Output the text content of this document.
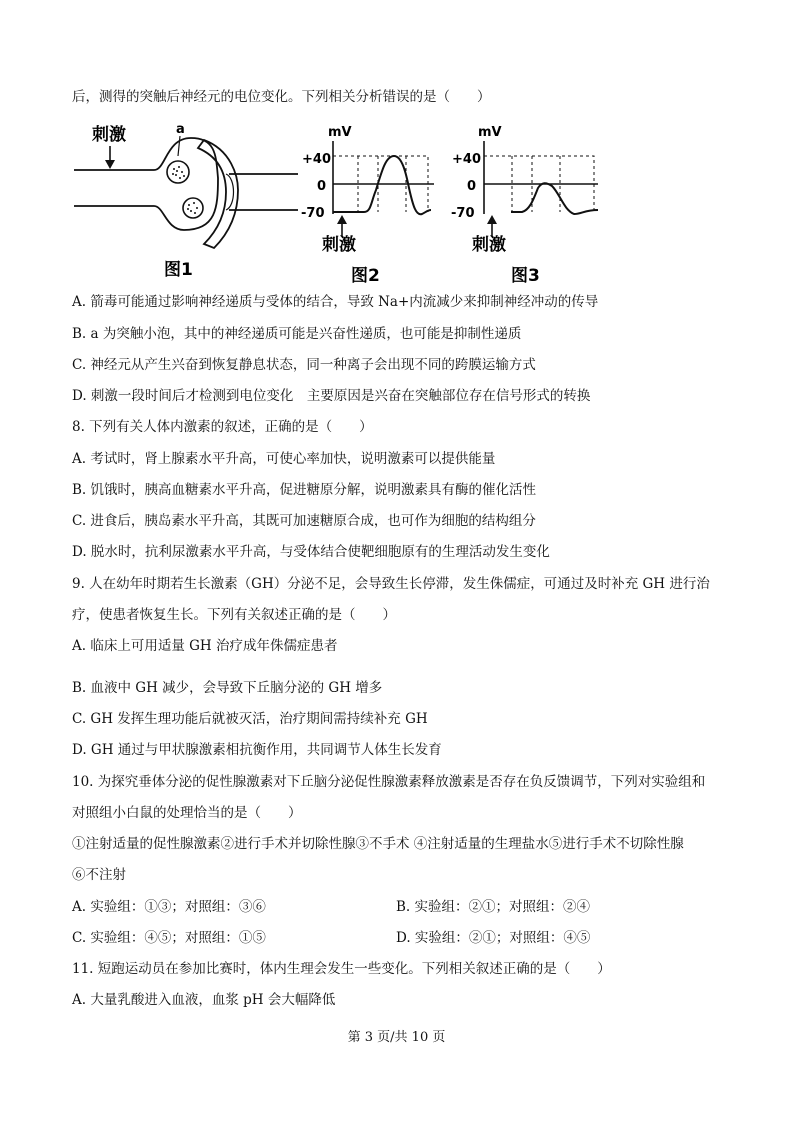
后，测得的突触后神经元的电位变化。下列相关分析错误的是（　　）
刺激	a
图1
mV
+40
0
-70
刺激
图2
mV
+40
0
-70
刺激
图3
A. 箭毒可能通过影响神经递质与受体的结合，导致 Na+内流减少来抑制神经冲动的传导
B. a 为突触小泡，其中的神经递质可能是兴奋性递质，也可能是抑制性递质
C. 神经元从产生兴奋到恢复静息状态，同一种离子会出现不同的跨膜运输方式
D. 刺激一段时间后才检测到电位变化　主要原因是兴奋在突触部位存在信号形式的转换
8. 下列有关人体内激素的叙述，正确的是（　　）
A. 考试时，肾上腺素水平升高，可使心率加快，说明激素可以提供能量
B. 饥饿时，胰高血糖素水平升高，促进糖原分解，说明激素具有酶的催化活性
C. 进食后，胰岛素水平升高，其既可加速糖原合成，也可作为细胞的结构组分
D. 脱水时，抗利尿激素水平升高，与受体结合使靶细胞原有的生理活动发生变化
9. 人在幼年时期若生长激素（GH）分泌不足，会导致生长停滞，发生侏儒症，可通过及时补充 GH 进行治
疗，使患者恢复生长。下列有关叙述正确的是（　　）
A. 临床上可用适量 GH 治疗成年侏儒症患者
B. 血液中 GH 减少，会导致下丘脑分泌的 GH 增多
C. GH 发挥生理功能后就被灭活，治疗期间需持续补充 GH
D. GH 通过与甲状腺激素相抗衡作用，共同调节人体生长发育
10. 为探究垂体分泌的促性腺激素对下丘脑分泌促性腺激素释放激素是否存在负反馈调节，下列对实验组和
对照组小白鼠的处理恰当的是（　　）
①注射适量的促性腺激素②进行手术并切除性腺③不手术 ④注射适量的生理盐水⑤进行手术不切除性腺
⑥不注射
A. 实验组：①③；对照组：③⑥	B. 实验组：②①；对照组：②④
C. 实验组：④⑤；对照组：①⑤	D. 实验组：②①；对照组：④⑤
11. 短跑运动员在参加比赛时，体内生理会发生一些变化。下列相关叙述正确的是（　　）
A. 大量乳酸进入血液，血浆 pH 会大幅降低
第 3 页/共 10 页
